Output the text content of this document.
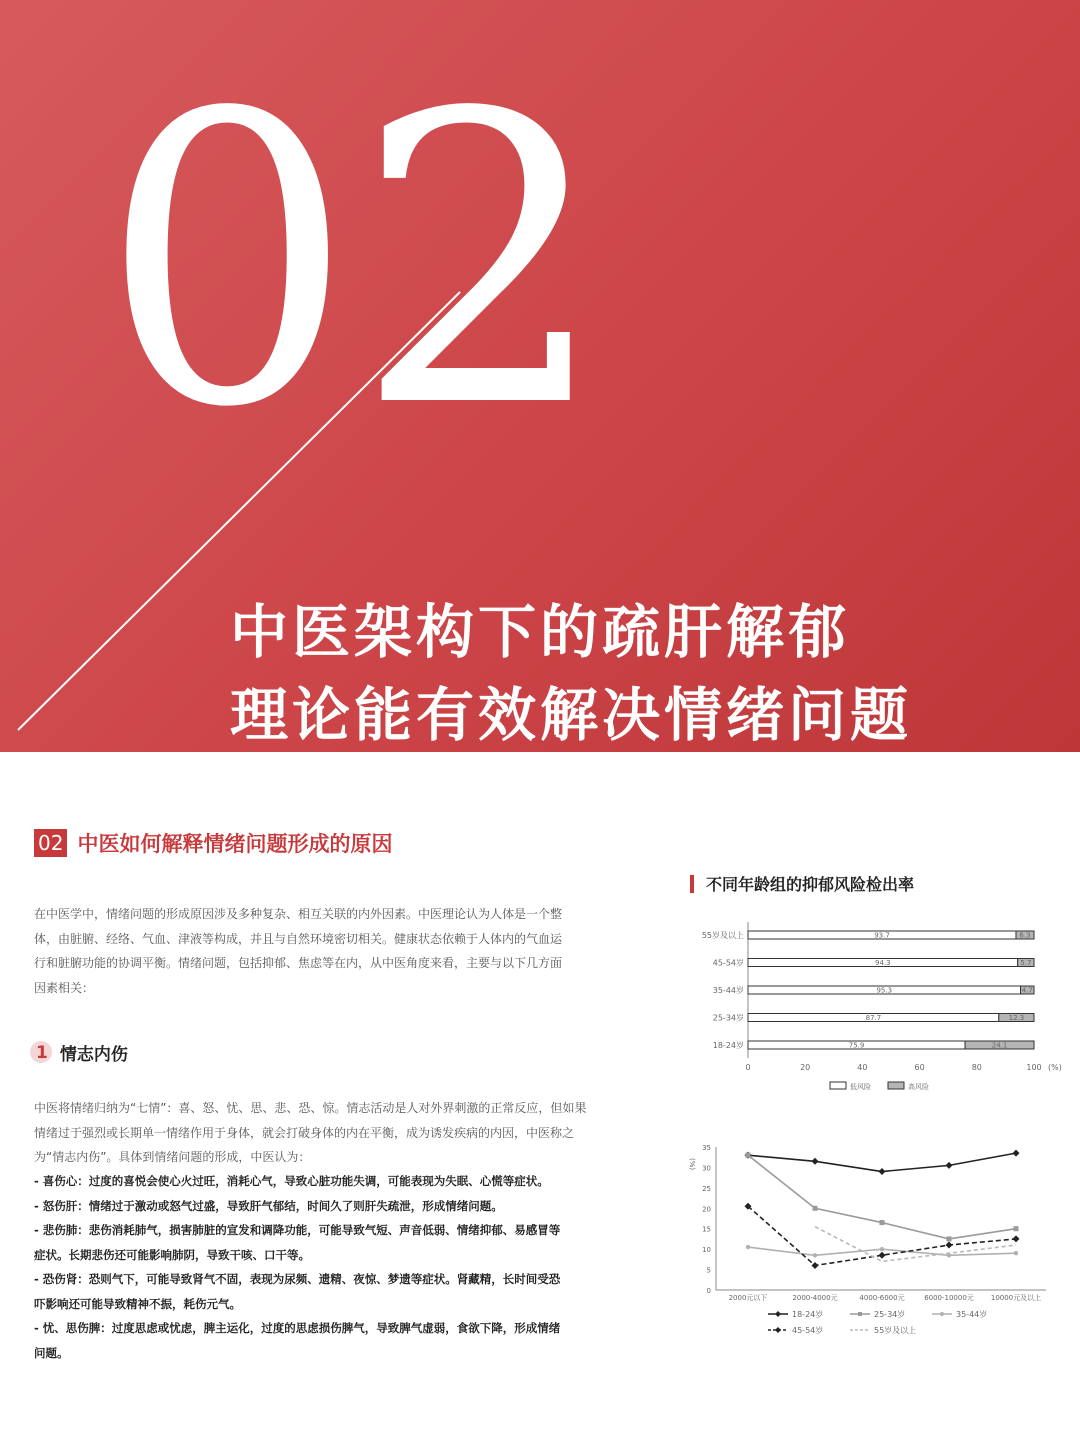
02
中医架构下的疏肝解郁
理论能有效解决情绪问题
02 中医如何解释情绪问题形成的原因
在中医学中，情绪问题的形成原因涉及多种复杂、相互关联的内外因素。中医理论认为人体是一个整
体，由脏腑、经络、气血、津液等构成，并且与自然环境密切相关。健康状态依赖于人体内的气血运
行和脏腑功能的协调平衡。情绪问题，包括抑郁、焦虑等在内，从中医角度来看，主要与以下几方面
因素相关：
1 情志内伤
中医将情绪归纳为“七情”：喜、怒、忧、思、悲、恐、惊。情志活动是人对外界刺激的正常反应，但如果
情绪过于强烈或长期单一情绪作用于身体，就会打破身体的内在平衡，成为诱发疾病的内因，中医称之
为“情志内伤”。具体到情绪问题的形成，中医认为：
- 喜伤心：过度的喜悦会使心火过旺，消耗心气，导致心脏功能失调，可能表现为失眠、心慌等症状。
- 怒伤肝：情绪过于激动或怒气过盛，导致肝气郁结，时间久了则肝失疏泄，形成情绪问题。
- 悲伤肺：悲伤消耗肺气，损害肺脏的宣发和调降功能，可能导致气短、声音低弱、情绪抑郁、易感冒等
症状。长期悲伤还可能影响肺阴，导致干咳、口干等。
- 恐伤肾：恐则气下，可能导致肾气不固，表现为尿频、遗精、夜惊、梦遗等症状。肾藏精，长时间受恐
吓影响还可能导致精神不振，耗伤元气。
- 忧、思伤脾：过度思虑或忧虑，脾主运化，过度的思虑损伤脾气，导致脾气虚弱，食欲下降，形成情绪
问题。
不同年龄组的抑郁风险检出率
55岁及以上	93.7	6.3
45-54岁	94.3	5.7
35-44岁	95.3	4.7
25-34岁	87.7	12.3
18-24岁	75.9	24.1
0	20	40	60	80	100 (%)
低风险	高风险
0
5
10
15
20
25
30
35
(%)
2000元以下	2000-4000元	4000-6000元	6000-10000元 10000元及以上
18-24岁	25-34岁	35-44岁
45-54岁	55岁及以上
